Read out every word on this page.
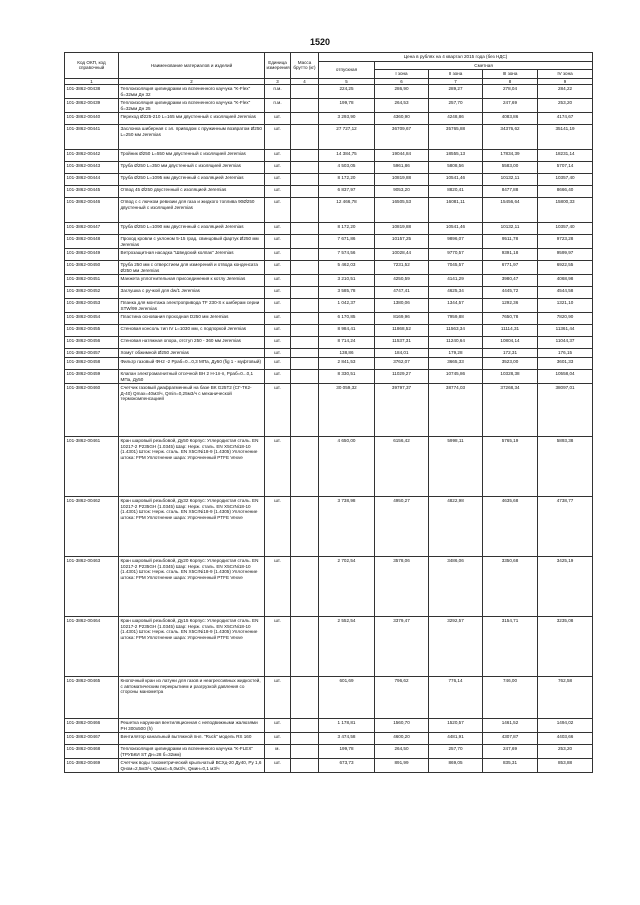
1520
Код ОКП, код справочный	Наименование материалов и изделий	Единица измерения	Масса брутто (кг)	Цена в рублях на 4 квартал 2015 года (без НДС)				
				отпускная	Сметная			
					I зона	II зона	III зона	IV зона
1	2	3	4	5	6	7	8	9
101-3862-00438	Теплоизоляция цилиндрами из вспененного каучука "K-Flex" б=32мм Дн 32	п.м.		224,25	286,90	289,27	278,04	284,22
101-3862-00439	Теплоизоляция цилиндрами из вспененного каучука "K-Flex" б=32мм Дн 25	п.м.		199,78	264,53	257,70	247,69	253,20
101-3862-00440	Переход Ø225-210 L=165 мм двустенный с изоляцией Jeremias	шт.		3 293,90	4360,90	4248,86	4083,86	4174,67
101-3862-00441	Заслонка шиберная с эл. приводом с пружинным возвратом Ø250 L=250 мм Jeremias	шт.		27 727,12	36709,67	35765,88	34376,62	35141,19
101-3862-00442	Тройник Ø250 L=550 мм двустенный с изоляцией Jeremias	шт.		14 384,75	19044,84	18555,13	17834,39	18231,14
101-3862-00443	Труба Ø250 L=350 мм двустенный с изоляцией Jeremias	шт.		4 503,05	5961,86	5808,56	5583,00	5707,14
101-3862-00444	Труба Ø250 L=1095 мм двустенный с изоляцией Jeremias	шт.		8 172,20	10819,88	10541,46	10132,11	10357,40
101-3862-00445	Отвод 45 Ø250 двустенный с изоляцией Jeremias	шт.		6 837,97	9053,20	8820,41	8477,88	8666,40
101-3862-00446	Отвод с с лючком ревизии для газа и жидкого топлива 90Ø250 двустенный с изоляцией Jeremias	шт.		12 466,78	16505,53	16081,11	15456,64	15800,33
101-3862-00447	Труба Ø250 L=1090 мм двустенный с изоляцией Jeremias	шт.		8 172,20	10819,88	10541,46	10132,11	10357,40
101-3862-00448	Проход кровли с уклоном 5-15 град. свинцовый фартук Ø250 мм Jeremias	шт.		7 671,86	10157,25	9896,07	9511,78	9723,28
101-3862-00449	Ветрозащитная насадка "Шведский колпак" Jeremias	шт.		7 574,56	10028,44	9770,57	9391,18	9599,97
101-3862-00450	Труба 250 мм с отверстием для измерений и отвода конденсата Ø250 мм Jeremias	шт.		5 462,03	7231,52	7045,57	6771,97	6922,55
101-3862-00451	Манжета уплотнительная присоединения к котлу Jeremias	шт.		3 210,51	4250,59	4141,29	3980,47	4068,98
101-3862-00452	Заглушка с ручкой для dw/1 Jeremias	шт.		3 585,78	4747,41	4625,34	4445,72	4544,58
101-3862-00453	Планка для монтажа электропривода TF 230-S к шиберам серии STW/99 Jeremias	шт.		1 042,37	1380,06	1344,57	1292,36	1321,10
101-3862-00454	Пластина основания проходная D250 мм Jeremias	шт.		6 170,85	8169,96	7959,88	7650,78	7820,90
101-3862-00455	Стеновая консоль тип IV L=1030 мм, с подпоркой Jeremias	шт.		8 984,41	11868,52	11563,34	11114,31	11361,44
101-3862-00456	Стеновая натяжная опора, отступ 250 - 360 мм Jeremias	шт.		8 714,24	11537,31	11240,64	10804,14	11044,37
101-3862-00457	Хомут обжимной Ø250 Jeremias	шт.		138,86	184,01	179,28	172,31	176,15
101-3862-00458	Фильтр газовый ФН2 -2 Рраб=0...0,3 МПа, Ду50 (fig 1 - муфтовый)	шт.		2 841,53	3762,07	3665,33	3523,00	3601,33
101-3862-00459	Клапан электромагнитный отсечной ВН 2 Н-1п-п, Рраб=0...0,1 МПа, Ду50	шт.		8 330,51	11029,27	10745,86	10328,38	10558,04
101-3862-00460	Счетчик газовый диафрагменный на базе ВК G25Т2 (СГ-ТК2-Д-40) Qmax=40м3/ч, Qmin=0,25м3/ч с механической термокомпенсацией	шт.		30 059,32	39797,37	38774,03	37268,34	38097,01
101-3862-00461	Кран шаровый резьбовой, Ду50 Корпус: Углеродистая сталь. EN 10217-2 P235GH (1.0345) Шар: Нерж. сталь. EN X5CrNi18-10 (1.4301) Шток: Нерж. сталь. EN X5CrNi18-9 (1.4305) Уплотнение штока: FPM Уплотнение шара: Упрочненный PTFE Vexve	шт.		4 650,00	6156,42	5998,11	5765,19	5893,38
101-3862-00462	Кран шаровый резьбовой, Ду32 Корпус: Углеродистая сталь. EN 10217-2 P235GH (1.0345) Шар: Нерж. сталь. EN X5CrNi18-10 (1.4301) Шток: Нерж. сталь. EN X5CrNi18-9 (1.4305) Уплотнение штока: FPM Уплотнение шара: Упрочненный PTFE Vexve	шт.		3 738,98	4950,27	4822,98	4635,68	4738,77
101-3862-00463	Кран шаровый резьбовой, Ду20 Корпус: Углеродистая сталь. EN 10217-2 P235GH (1.0345) Шар: Нерж. сталь. EN X5CrNi18-10 (1.4301) Шток: Нерж. сталь. EN X5CrNi18-9 (1.4305) Уплотнение штока: FPM Уплотнение шара: Упрочненный PTFE Vexve	шт.		2 702,54	3578,06	3486,06	3350,68	3425,19
101-3862-00464	Кран шаровый резьбовой, Ду15 Корпус: Углеродистая сталь. EN 10217-2 P235GH (1.0345) Шар: Нерж. сталь. EN X5CrNi18-10 (1.4301) Шток: Нерж. сталь. EN X5CrNi18-9 (1.4305) Уплотнение штока: FPM Уплотнение шара: Упрочненный PTFE Vexve	шт.		2 552,54	3379,47	3292,57	3154,71	3235,08
101-3862-00465	Кнопочный кран из латуни для газов и неагрессивных жидкостей, с автоматическим перекрытием и разгрузкой давления со стороны манометра	шт.		601,69	796,62	776,14	746,00	762,58
101-3862-00466	Решетка наружная вентиляционная с неподвижными жалюзями РН 300x500 (h)	шт.		1 178,81	1560,70	1520,57	1461,52	1494,02
101-3862-00467	Вентилятор канальный вытяжной пнл. "Ruck" модель RS 160	шт.		3 474,58	4600,20	4481,91	4307,87	4403,66
101-3862-00468	Теплоизоляция цилиндрами из вспененного каучука "K-FLEX" (ТРУБКИ ST Дн=28 б=32мм)	м.		199,78	264,50	257,70	247,69	253,20
101-3862-00469	Счетчик воды тахометрический крыльчатый ВСХд-20 Ду40, Ру 1,6 Qном=2,5м3/ч, Qмакс=5,0м3/ч, Qмин=0,1 м3/ч	шт.		673,73	891,99	869,05	835,31	853,88
